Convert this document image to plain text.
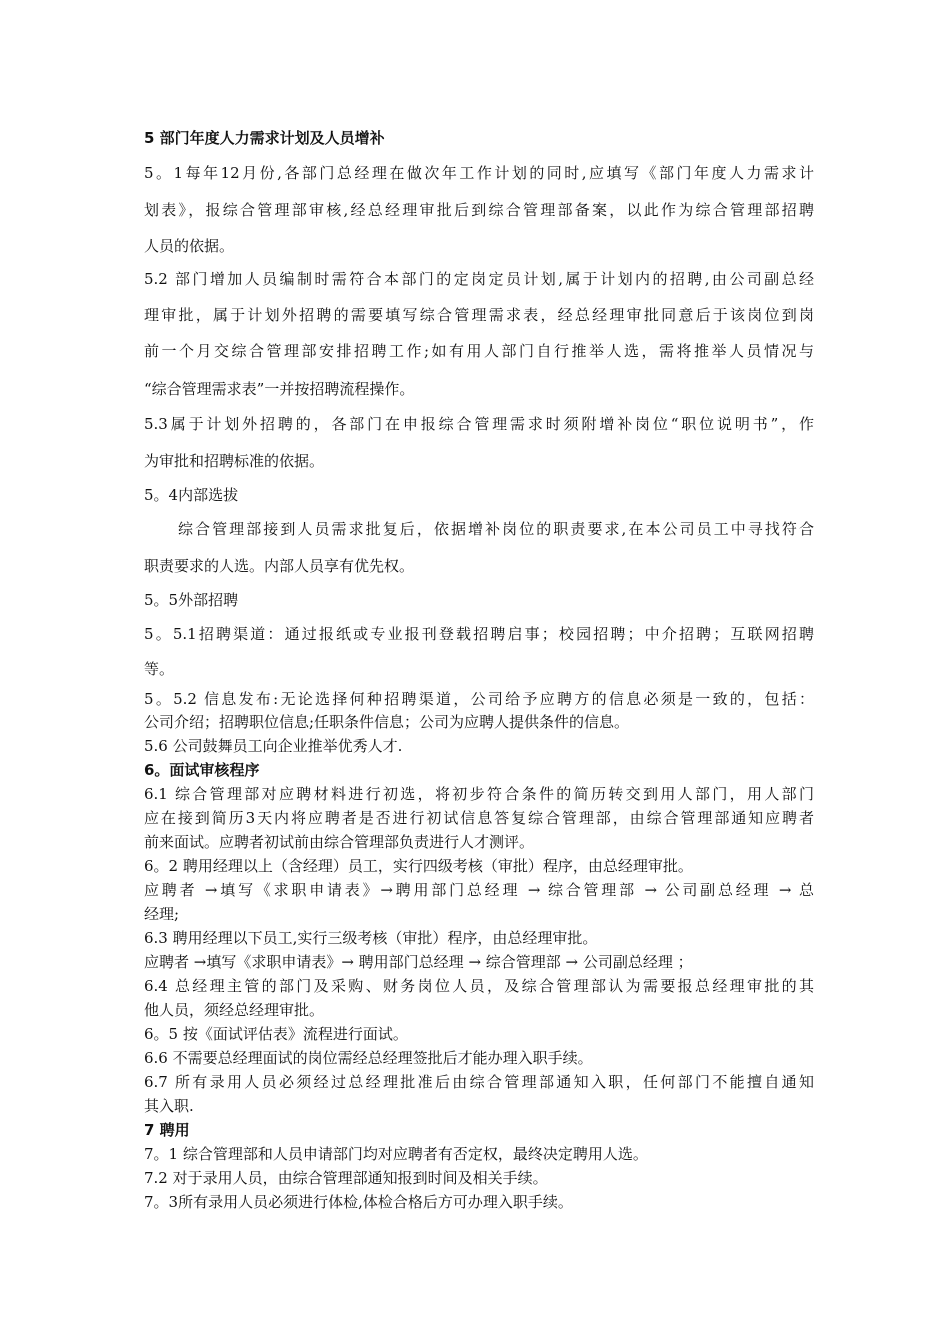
5 部门年度人力需求计划及人员增补
5。1每年12月份,各部门总经理在做次年工作计划的同时,应填写《部门年度人力需求计
划表》，报综合管理部审核,经总经理审批后到综合管理部备案，以此作为综合管理部招聘
人员的依据。
5.2 部门增加人员编制时需符合本部门的定岗定员计划,属于计划内的招聘,由公司副总经
理审批，属于计划外招聘的需要填写综合管理需求表，经总经理审批同意后于该岗位到岗
前一个月交综合管理部安排招聘工作;如有用人部门自行推举人选，需将推举人员情况与
“综合管理需求表”一并按招聘流程操作。
5.3属于计划外招聘的，各部门在申报综合管理需求时须附增补岗位“职位说明书”，作
为审批和招聘标准的依据。
5。4内部选拔
综合管理部接到人员需求批复后，依据增补岗位的职责要求,在本公司员工中寻找符合
职责要求的人选。内部人员享有优先权。
5。5外部招聘
5。5.1招聘渠道：通过报纸或专业报刊登载招聘启事；校园招聘；中介招聘；互联网招聘
等。
5。5.2 信息发布:无论选择何种招聘渠道，公司给予应聘方的信息必须是一致的，包括：
公司介绍；招聘职位信息;任职条件信息；公司为应聘人提供条件的信息。
5.6 公司鼓舞员工向企业推举优秀人才.
6。面试审核程序
6.1 综合管理部对应聘材料进行初选，将初步符合条件的简历转交到用人部门，用人部门
应在接到简历3天内将应聘者是否进行初试信息答复综合管理部，由综合管理部通知应聘者
前来面试。应聘者初试前由综合管理部负责进行人才测评。
6。2 聘用经理以上（含经理）员工，实行四级考核（审批）程序，由总经理审批。
应聘者 →填写《求职申请表》→聘用部门总经理 → 综合管理部 → 公司副总经理 → 总
经理;
6.3 聘用经理以下员工,实行三级考核（审批）程序，由总经理审批。
应聘者 →填写《求职申请表》→ 聘用部门总经理 → 综合管理部 → 公司副总经理 ；
6.4 总经理主管的部门及采购、财务岗位人员，及综合管理部认为需要报总经理审批的其
他人员，须经总经理审批。
6。5 按《面试评估表》流程进行面试。
6.6 不需要总经理面试的岗位需经总经理签批后才能办理入职手续。
6.7 所有录用人员必须经过总经理批准后由综合管理部通知入职，任何部门不能擅自通知
其入职.
7 聘用
7。1 综合管理部和人员申请部门均对应聘者有否定权，最终决定聘用人选。
7.2 对于录用人员，由综合管理部通知报到时间及相关手续。
7。3所有录用人员必须进行体检,体检合格后方可办理入职手续。
